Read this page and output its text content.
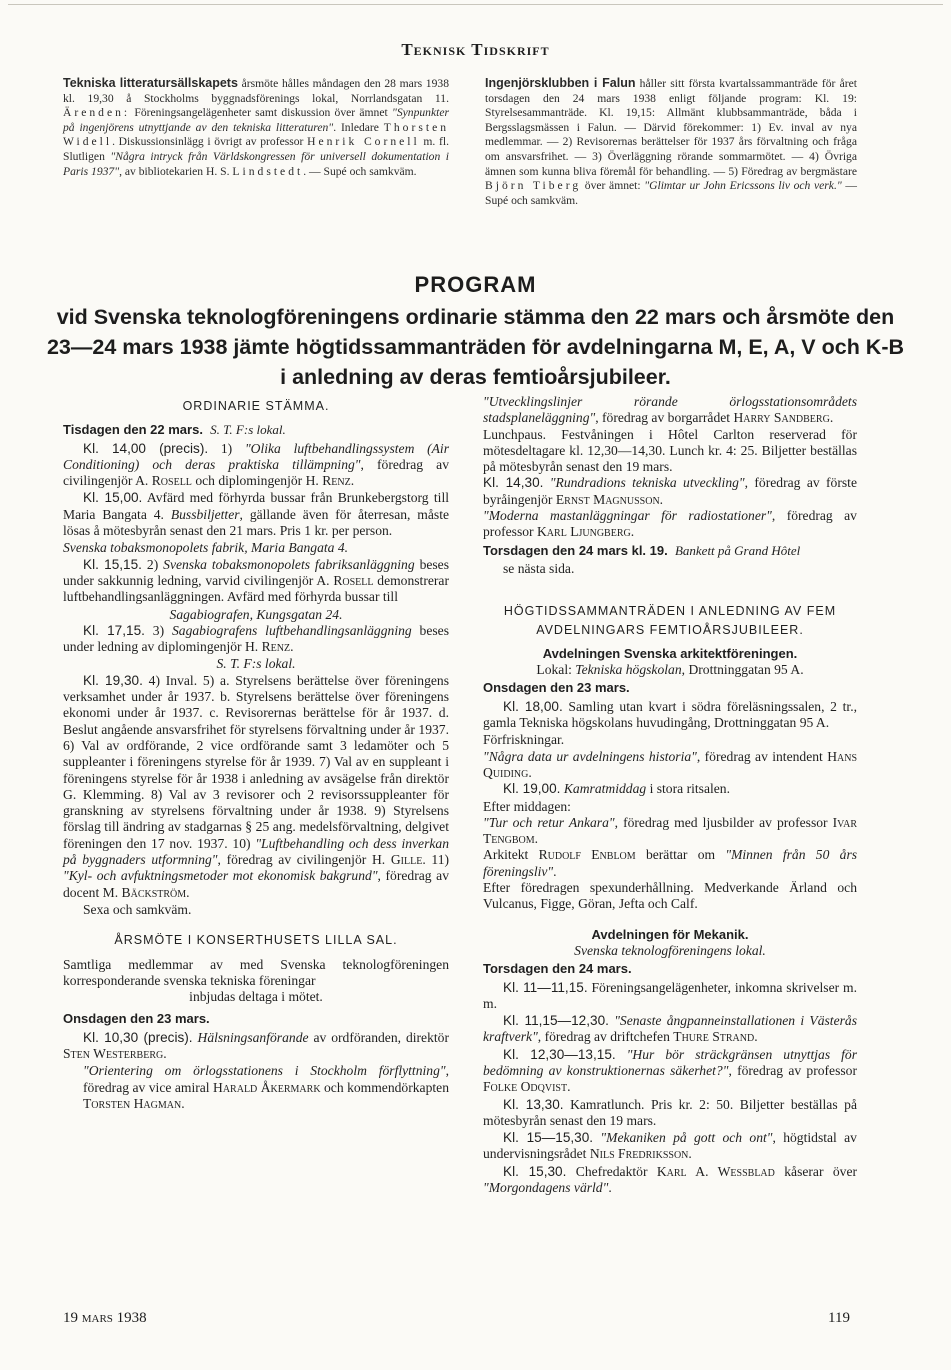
Teknisk Tidskrift
Tekniska litteratursällskapets årsmöte hålles måndagen den 28 mars 1938 kl. 19,30 å Stockholms byggnadsförenings lokal, Norrlandsgatan 11. Ärenden: Föreningsangelägenheter samt diskussion över ämnet "Synpunkter på ingenjörens utnyttjande av den tekniska litteraturen". Inledare Thorsten Widell. Diskussionsinlägg i övrigt av professor Henrik Cornell m. fl. Slutligen "Några intryck från Världskongressen för universell dokumentation i Paris 1937", av bibliotekarien H. S. Lindstedt. — Supé och samkväm.
Ingenjörsklubben i Falun håller sitt första kvartalssammanträde för året torsdagen den 24 mars 1938 enligt följande program: Kl. 19: Styrelsesammanträde. Kl. 19,15: Allmänt klubbsammanträde, båda i Bergsslagsmässen i Falun. — Därvid förekommer: 1) Ev. inval av nya medlemmar. — 2) Revisorernas berättelser för 1937 års förvaltning och fråga om ansvarsfrihet. — 3) Överläggning rörande sommarmötet. — 4) Övriga ämnen som kunna bliva föremål för behandling. — 5) Föredrag av bergmästare Björn Tiberg över ämnet: "Glimtar ur John Ericssons liv och verk." — Supé och samkväm.
PROGRAM
vid Svenska teknologföreningens ordinarie stämma den 22 mars och årsmöte den
23—24 mars 1938 jämte högtidssammanträden för avdelningarna M, E, A, V och K-B
i anledning av deras femtioårsjubileer.
ORDINARIE STÄMMA.
Tisdagen den 22 mars. S. T. F:s lokal.

Kl. 14,00 (precis). 1) "Olika luftbehandlingssystem (Air Conditioning) och deras praktiska tillämpning", föredrag av civilingenjör A. Rosell och diplomingenjör H. Renz.

Kl. 15,00. Avfärd med förhyrda bussar från Brunkebergstorg till Maria Bangata 4. Bussbiljetter, gällande även för återresan, måste lösas å mötesbyrån senast den 21 mars. Pris 1 kr. per person.

Svenska tobaksmonopolets fabrik, Maria Bangata 4.

Kl. 15,15. 2) Svenska tobaksmonopolets fabriksanläggning beses under sakkunnig ledning, varvid civilingenjör A. Rosell demonstrerar luftbehandlingsanläggningen. Avfärd med förhyrda bussar till

Sagabiografen, Kungsgatan 24.

Kl. 17,15. 3) Sagabiografens luftbehandlingsanläggning beses under ledning av diplomingenjör H. Renz.

S. T. F:s lokal.

Kl. 19,30. 4) Inval. 5) a. Styrelsens berättelse över föreningens verksamhet under år 1937. b. Styrelsens berättelse över föreningens ekonomi under år 1937. c. Revisorernas berättelse för år 1937. d. Beslut angående ansvarsfrihet för styrelsens förvaltning under år 1937. 6) Val av ordförande, 2 vice ordförande samt 3 ledamöter och 5 suppleanter i föreningens styrelse för år 1939. 7) Val av en suppleant i föreningens styrelse för år 1938 i anledning av avsägelse från direktör G. Klemming. 8) Val av 3 revisorer och 2 revisorssuppleanter för granskning av styrelsens förvaltning under år 1938. 9) Styrelsens förslag till ändring av stadgarnas § 25 ang. medelsförvaltning, delgivet föreningen den 17 nov. 1937. 10) "Luftbehandling och dess inverkan på byggnaders utformning", föredrag av civilingenjör H. Gille. 11) "Kyl- och avfuktningsmetoder mot ekonomisk bakgrund", föredrag av docent M. Bäckström.

Sexa och samkväm.

ÅRSMÖTE I KONSERTHUSETS LILLA SAL.

Samtliga medlemmar av med Svenska teknologföreningen korresponderande svenska tekniska föreningar

inbjudas deltaga i mötet.

Onsdagen den 23 mars.

Kl. 10,30 (precis). Hälsningsanförande av ordföranden, direktör Sten Westerberg.

"Orientering om örlogsstationens i Stockholm förflyttning", föredrag av vice amiral Harald Åkermark och kommendörkapten Torsten Hagman.

"Utvecklingslinjer rörande örlogsstationsområdets stadsplaneläggning", föredrag av borgarrådet Harry Sandberg.

Lunchpaus. Festvåningen i Hôtel Carlton reserverad för mötesdeltagare kl. 12,30—14,30. Lunch kr. 4: 25. Biljetter beställas på mötesbyrån senast den 19 mars.

Kl. 14,30. "Rundradions tekniska utveckling", föredrag av förste byråingenjör Ernst Magnusson.

"Moderna mastanläggningar för radiostationer", föredrag av professor Karl Ljungberg.

Torsdagen den 24 mars kl. 19. Bankett på Grand Hôtel

se nästa sida.

HÖGTIDSSAMMANTRÄDEN I ANLEDNING AV FEM
AVDELNINGARS FEMTIOÅRSJUBILEER.

Avdelningen Svenska arkitektföreningen.

Lokal: Tekniska högskolan, Drottninggatan 95 A.

Onsdagen den 23 mars.

Kl. 18,00. Samling utan kvart i södra föreläsningssalen, 2 tr., gamla Tekniska högskolans huvudingång, Drottninggatan 95 A.

Förfriskningar.

"Några data ur avdelningens historia", föredrag av intendent Hans Quiding.

Kl. 19,00. Kamratmiddag i stora ritsalen.

Efter middagen:

"Tur och retur Ankara", föredrag med ljusbilder av professor Ivar Tengbom.

Arkitekt Rudolf Enblom berättar om "Minnen från 50 års föreningsliv".

Efter föredragen spexunderhållning. Medverkande Ärland och Vulcanus, Figge, Göran, Jefta och Calf.

Avdelningen för Mekanik.

Svenska teknologföreningens lokal.

Torsdagen den 24 mars.

Kl. 11—11,15. Föreningsangelägenheter, inkomna skrivelser m. m.

Kl. 11,15—12,30. "Senaste ångpanneinstallationen i Västerås kraftverk", föredrag av driftchefen Thure Strand.

Kl. 12,30—13,15. "Hur bör sträckgränsen utnyttjas för bedömning av konstruktionernas säkerhet?", föredrag av professor Folke Odqvist.

Kl. 13,30. Kamratlunch. Pris kr. 2: 50. Biljetter beställas på mötesbyrån senast den 19 mars.

Kl. 15—15,30. "Mekaniken på gott och ont", högtidstal av undervisningsrådet Nils Fredriksson.

Kl. 15,30. Chefredaktör Karl A. Wessblad kåserar över "Morgondagens värld".

19 mars 1938	119
